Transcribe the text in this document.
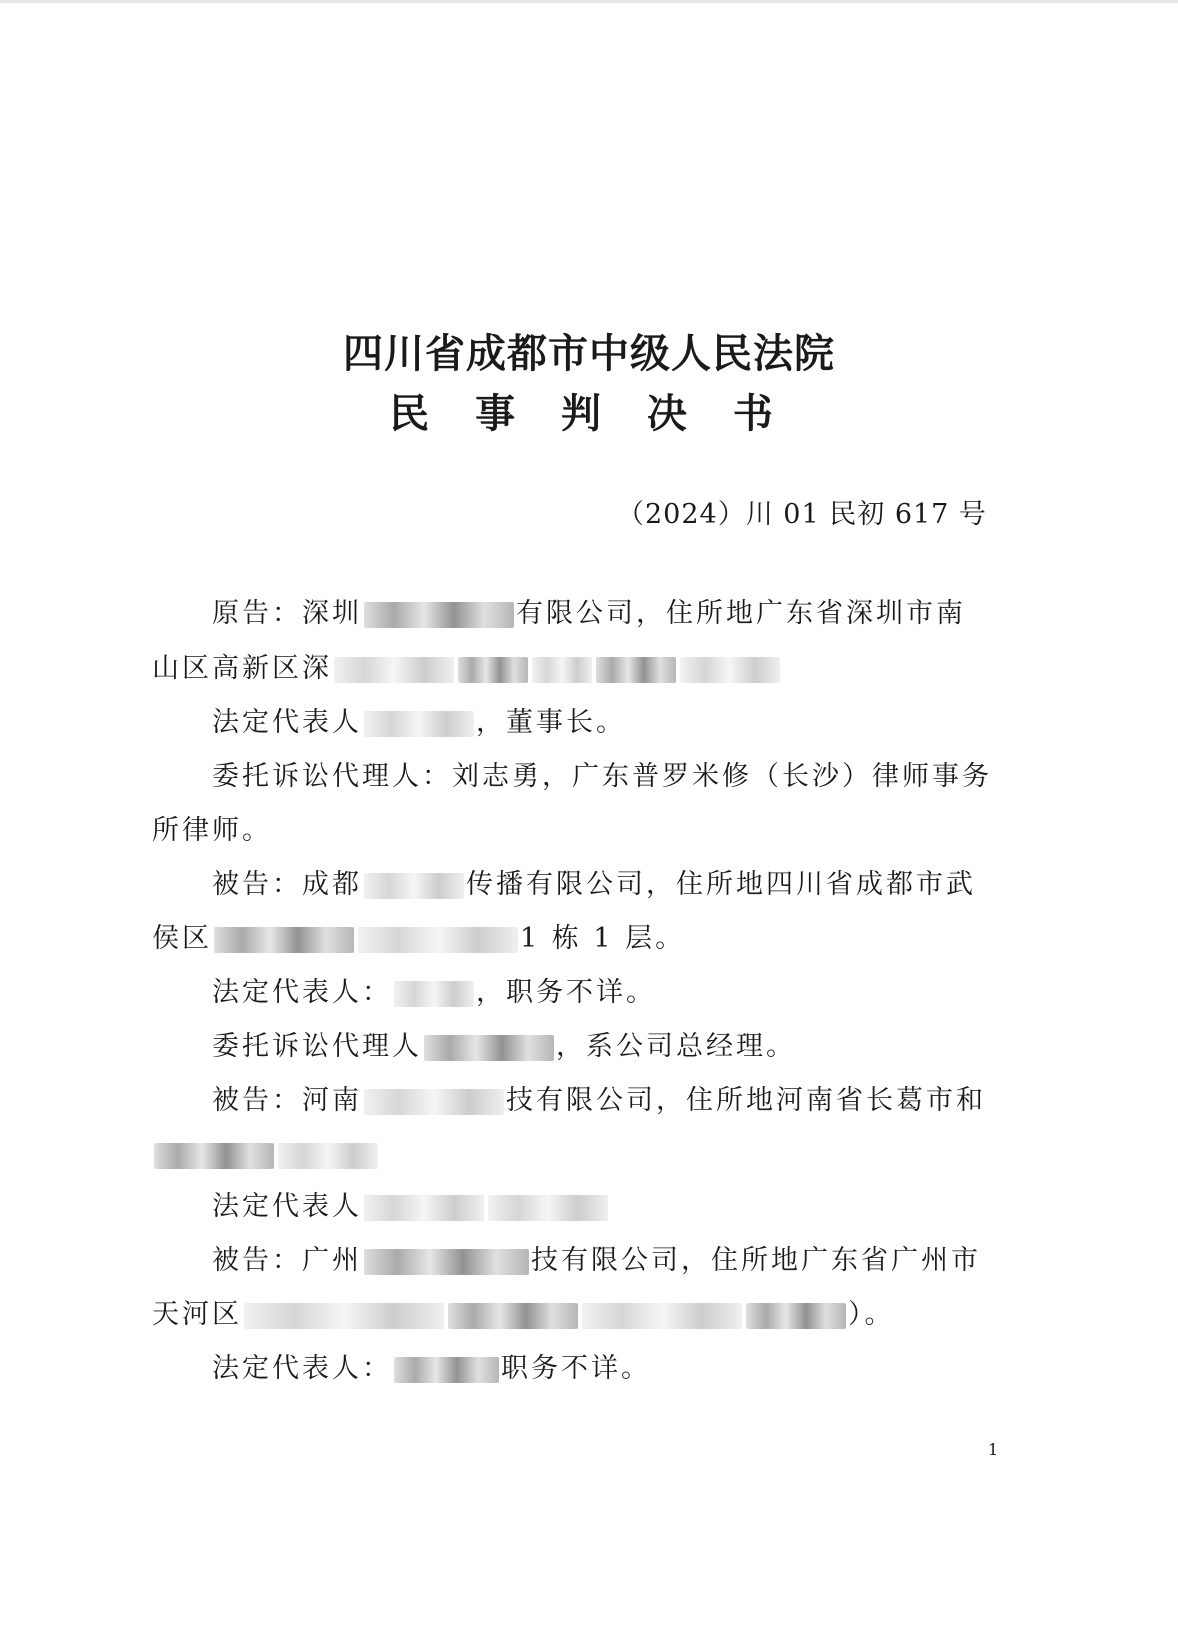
四川省成都市中级人民法院
民 事 判 决 书
（2024）川 01 民初 617 号
原告：深圳	有限公司，住所地广东省深圳市南
山区高新区深
法定代表人	，董事长。
委托诉讼代理人：刘志勇，广东普罗米修（长沙）律师事务
所律师。
被告：成都	传播有限公司，住所地四川省成都市武
侯区	1 栋 1 层。
法定代表人：	，职务不详。
委托诉讼代理人	，系公司总经理。
被告：河南	技有限公司，住所地河南省长葛市和
法定代表人
被告：广州	技有限公司，住所地广东省广州市
天河区	）。
法定代表人：	职务不详。
1
